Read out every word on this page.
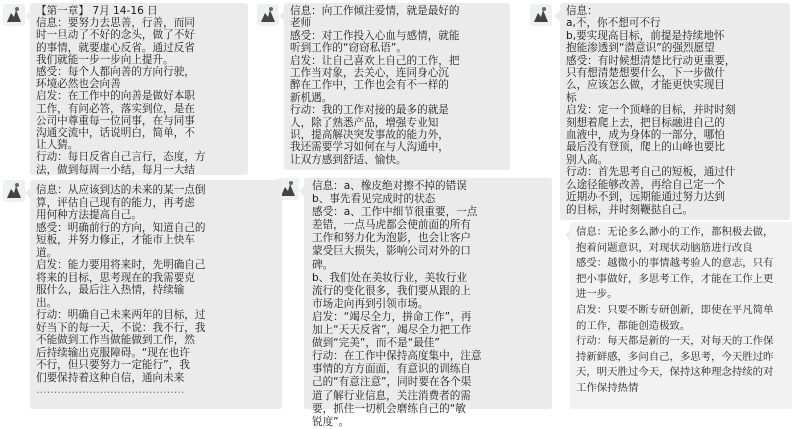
【第一章】 7月 14-16 日
信息：要努力去思善，行善，而同
时一旦动了不好的念头，做了不好
的事情，就要虚心反省。通过反省
我们就能一步一步向上提升。
感受：每个人都向善的方向行驶，
环境必然也会向善
启发：在工作中的向善是做好本职
工作，有问必答，落实到位，是在
公司中尊重每一位同事，在与同事
沟通交流中，话说明白，简单，不
让人猜。
行动：每日反省自己言行，态度，方
法，做到每周一小结，每月一大结
信息：从应该到达的未来的某一点倒
算，评估自己现有的能力，再考虑
用何种方法提高自己。
感受：明确前行的方向，知道自己的
短板，并努力修正，才能市上快车
道。
启发：能力要用将来时，先明确自己
将来的目标，思考现在的我需要克
服什么，最后注入热情，持续输
出。
行动：明确自己未来两年的目标，过
好当下的每一天，不说：我不行，我
不能做到工作当做能做到工作，然
后持续输出克服障碍。“现在也许
不行，但只要努力一定能行”，我
们要保持着这种自信，通向未来
……………………………………
信息：向工作倾注爱情，就是最好的
老师
感受：对工作投入心血与感情，就能
听到工作的“窃窃私语”。
启发：让自己喜欢上自己的工作，把
工作当对象，去关心，连同身心沉
醉在工作中，工作也会有不一样的
新机遇。
行动：我的工作对接的最多的就是
人，除了熟悉产品，增强专业知
识，提高解决突发事故的能力外，
我还需要学习如何在与人沟通中，
让双方感到舒适、愉快。
信息：a、橡皮绝对擦不掉的错误
b、事先看见完成时的状态
感受：a、工作中细节很重要，一点
差错，一点马虎都会使前面的所有
工作和努力化为泡影，也会让客户
蒙受巨大损失，影响公司对外的口
碑。
b、我们处在美妆行业，美妆行业
流行的变化很多，我们要从跟的上
市场走向再到引领市场。
启发：“竭尽全力，拼命工作”，再
加上“天天反省”，竭尽全力把工作
做到“完美”，而不是“最佳”
行动：在工作中保持高度集中，注意
事情的方方面面，有意识的训练自
己的“有意注意”，同时要在各个渠
道了解行业信息，关注消费者的需
要，抓住一切机会磨练自己的“敏
锐度”。
信息：
a,不，你不想可不行
b,要实现高目标，前提是持续地怀
抱能渗透到“潜意识”的强烈愿望
感受：有时候想清楚比行动更重要，
只有想清楚想要什么，下一步做什
么，应该怎么做，才能更快实现目
标
启发：定一个顶峰的目标，并时时刻
刻想着爬上去，把目标融进自己的
血液中，成为身体的一部分，哪怕
最后没有登顶，爬上的山峰也要比
别人高。
行动：首先思考自己的短板，通过什
么途径能够改善，再给自己定一个
近期办不到，远期能通过努力达到
的目标，并时刻鞭挞自己。
信息：无论多么渺小的工作，都积极去做，
抱着问题意识，对现状动脑筋进行改良
感受：越微小的事情越考验人的意志，只有
把小事做好，多思考工作，才能在工作上更
进一步。
启发：只要不断专研创新，即使在平凡简单
的工作，都能创造极致。
行动：每天都是新的一天，对每天的工作保
持新鲜感，多问自己，多思考，今天胜过昨
天，明天胜过今天，保持这种理念持续的对
工作保持热情
